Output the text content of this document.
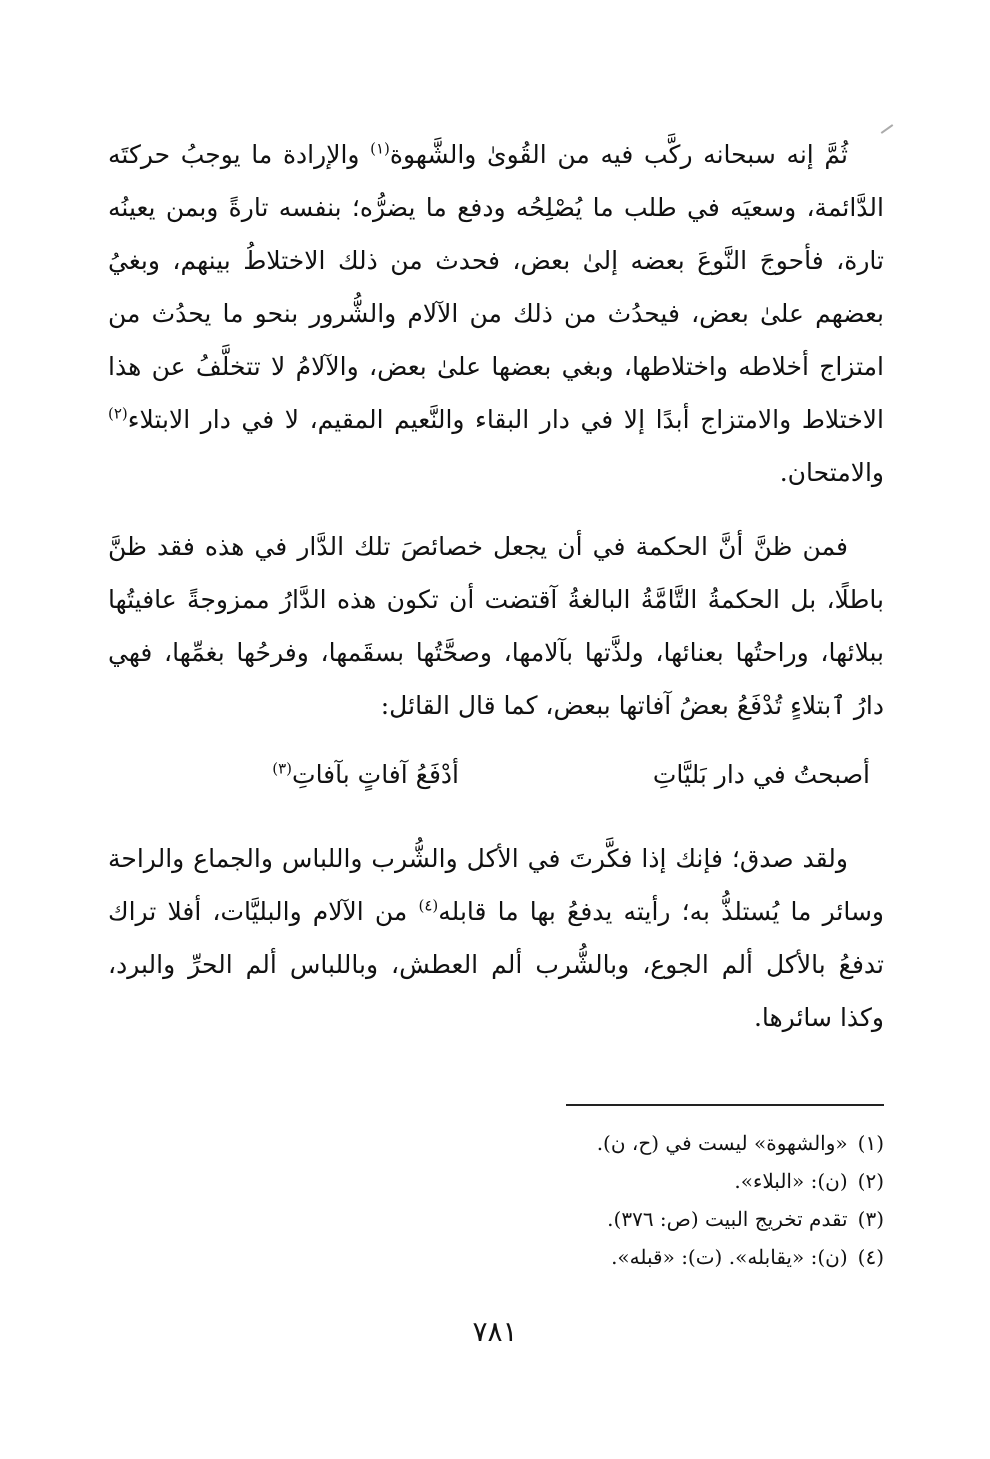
ثُمَّ إنه سبحانه ركَّب فيه من القُوىٰ والشَّهوة$^{(١)}$ والإرادة ما يوجبُ حركتَه الدَّائمة، وسعيَه في طلب ما يُصْلِحُه ودفع ما يضرُّه؛ بنفسه تارةً وبمن يعينُه تارة، فأحوجَ النَّوعَ بعضه إلىٰ بعض، فحدث من ذلك الاختلاطُ بينهم، وبغيُ بعضهم علىٰ بعض، فيحدُث من ذلك من الآلام والشُّرور بنحو ما يحدُث من امتزاج أخلاطه واختلاطها، وبغي بعضها علىٰ بعض، والآلامُ لا تتخلَّفُ عن هذا الاختلاط والامتزاج أبدًا إلا في دار البقاء والنَّعيم المقيم، لا في دار الابتلاء$^{(٢)}$ والامتحان.

فمن ظنَّ أنَّ الحكمة في أن يجعل خصائصَ تلك الدَّار في هذه فقد ظنَّ باطلًا، بل الحكمةُ التَّامَّةُ البالغةُ آقتضت أن تكون هذه الدَّارُ ممزوجةً عافيتُها ببلائها، وراحتُها بعنائها، ولذَّتها بآلامها، وصحَّتُها بسقَمها، وفرحُها بغمِّها، فهي دارُ ٱبتلاءٍ تُدْفَعُ بعضُ آفاتها ببعض، كما قال القائل:

أصبحتُ في دار بَليَّاتِ
أدْفَعُ آفاتٍ بآفاتِ$^{(٣)}$

ولقد صدق؛ فإنك إذا فكَّرتَ في الأكل والشُّرب واللباس والجماع والراحة وسائر ما يُستلذُّ به؛ رأيته يدفعُ بها ما قابله$^{(٤)}$ من الآلام والبليَّات، أفلا تراك تدفعُ بالأكل ألم الجوع، وبالشُّرب ألم العطش، وباللباس ألم الحرِّ والبرد، وكذا سائرها.

(١)«والشهوة» ليست في (ح، ن).
(٢)(ن): «البلاء».
(٣)تقدم تخريج البيت (ص: ٣٧٦).
(٤)(ن): «يقابله». (ت): «قبله».
٧٨١
